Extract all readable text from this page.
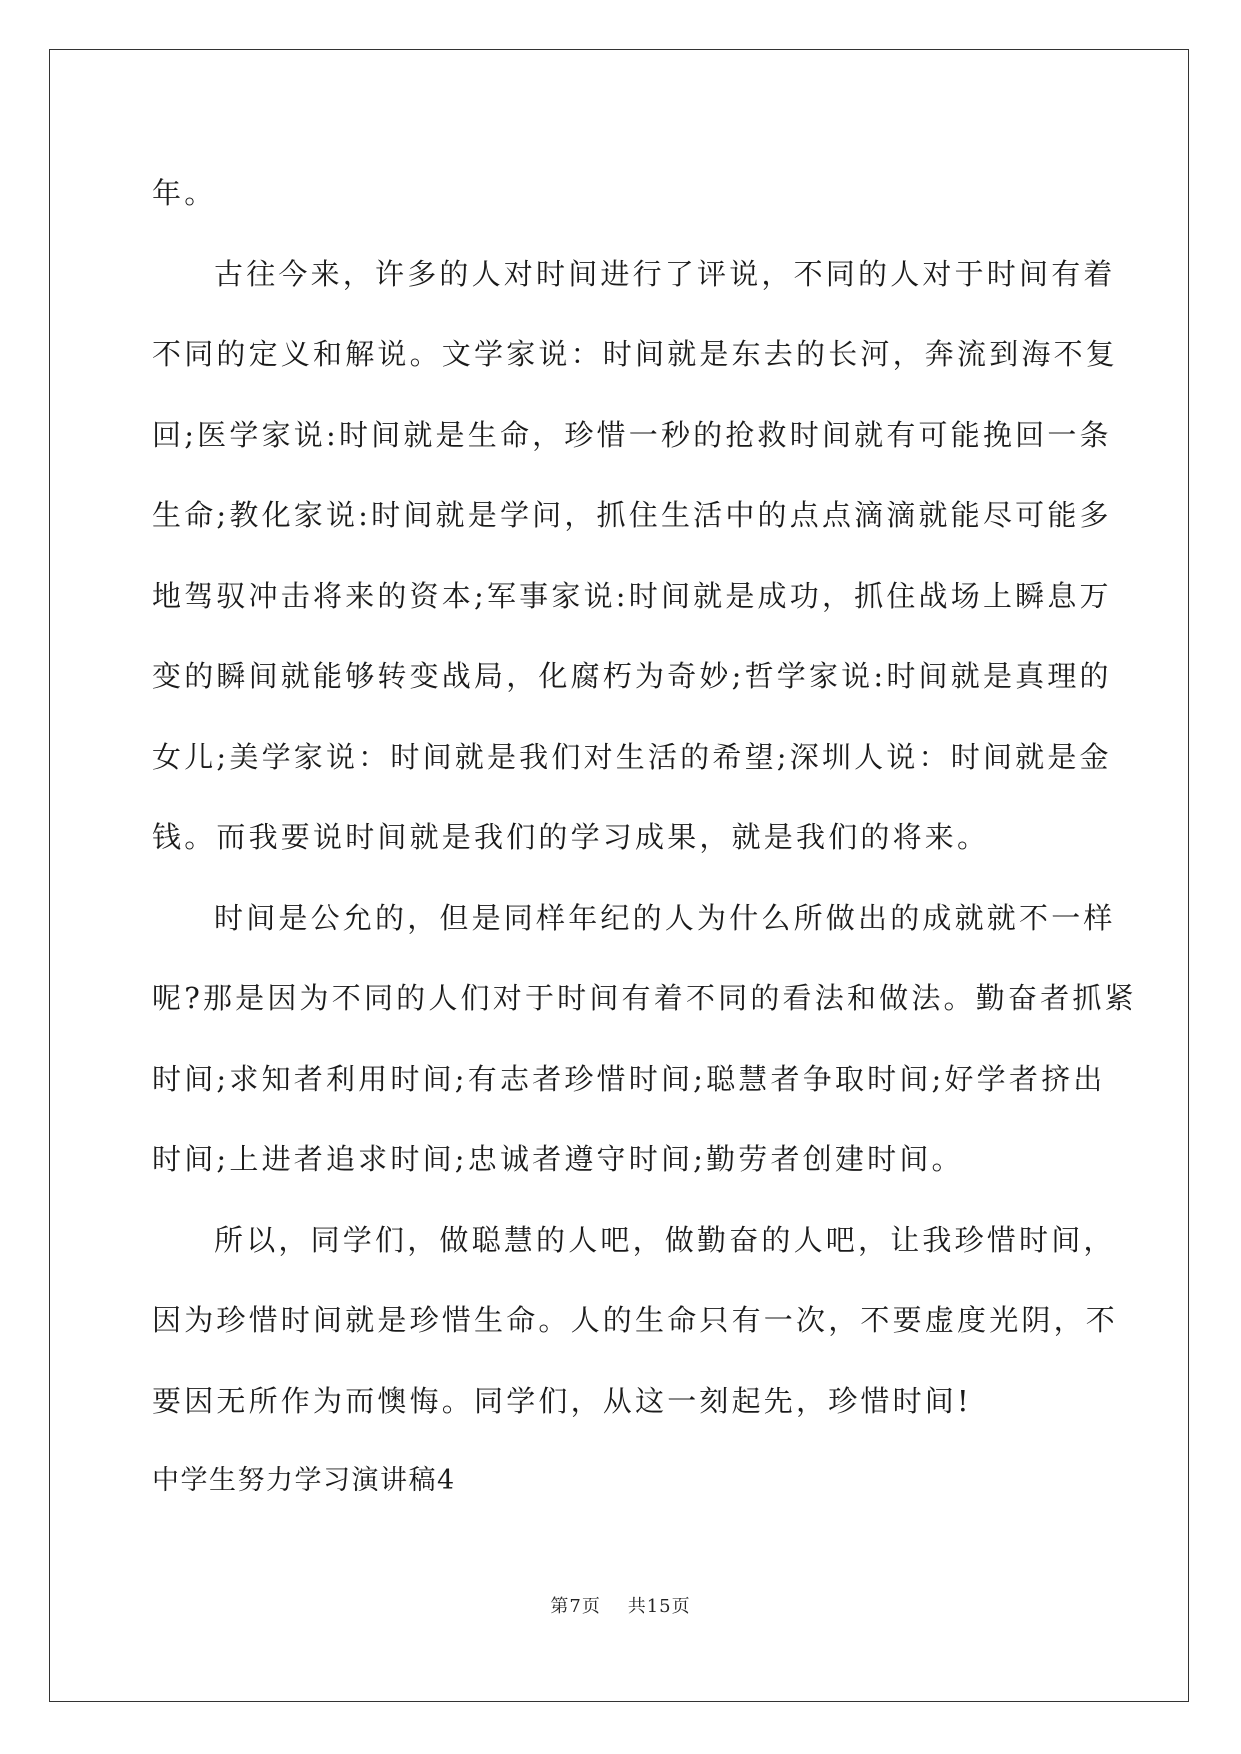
年。
古往今来，许多的人对时间进行了评说，不同的人对于时间有着
不同的定义和解说。文学家说：时间就是东去的长河，奔流到海不复
回;医学家说:时间就是生命，珍惜一秒的抢救时间就有可能挽回一条
生命;教化家说:时间就是学问，抓住生活中的点点滴滴就能尽可能多
地驾驭冲击将来的资本;军事家说:时间就是成功，抓住战场上瞬息万
变的瞬间就能够转变战局，化腐朽为奇妙;哲学家说:时间就是真理的
女儿;美学家说：时间就是我们对生活的希望;深圳人说：时间就是金
钱。而我要说时间就是我们的学习成果，就是我们的将来。
时间是公允的，但是同样年纪的人为什么所做出的成就就不一样
呢?那是因为不同的人们对于时间有着不同的看法和做法。勤奋者抓紧
时间;求知者利用时间;有志者珍惜时间;聪慧者争取时间;好学者挤出
时间;上进者追求时间;忠诚者遵守时间;勤劳者创建时间。
所以，同学们，做聪慧的人吧，做勤奋的人吧，让我珍惜时间，
因为珍惜时间就是珍惜生命。人的生命只有一次，不要虚度光阴，不
要因无所作为而懊悔。同学们，从这一刻起先，珍惜时间!
中学生努力学习演讲稿4
第7页 共15页
